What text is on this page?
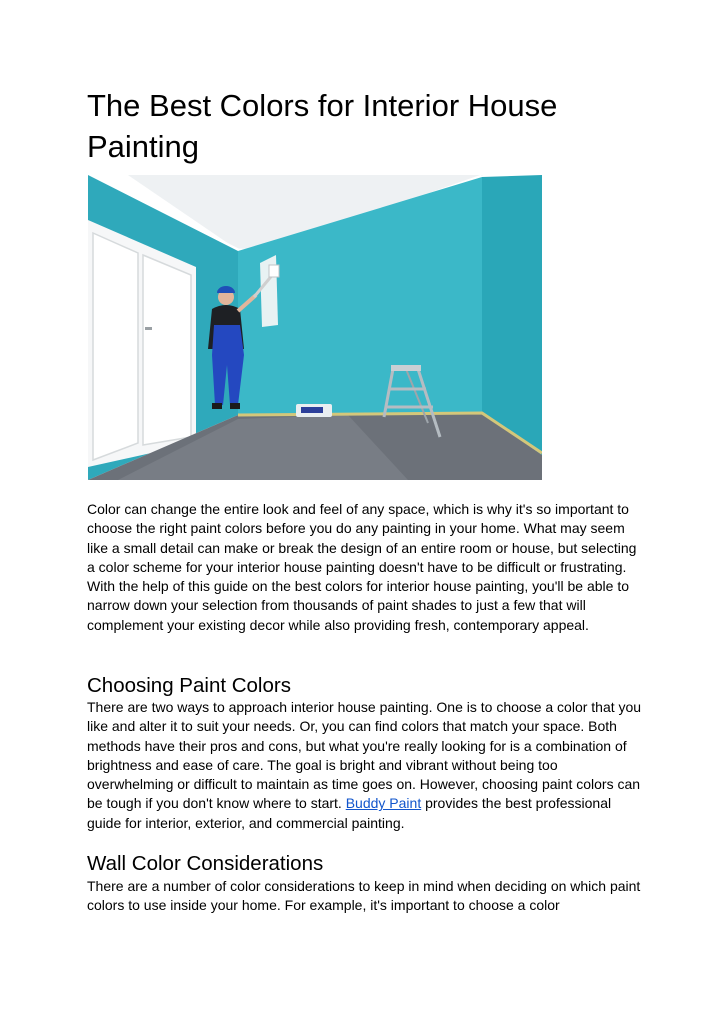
The Best Colors for Interior House Painting

Color can change the entire look and feel of any space, which is why it's so important to choose the right paint colors before you do any painting in your home. What may seem like a small detail can make or break the design of an entire room or house, but selecting a color scheme for your interior house painting doesn't have to be difficult or frustrating. With the help of this guide on the best colors for interior house painting, you'll be able to narrow down your selection from thousands of paint shades to just a few that will complement your existing decor while also providing fresh, contemporary appeal.

Choosing Paint Colors

There are two ways to approach interior house painting. One is to choose a color that you like and alter it to suit your needs. Or, you can find colors that match your space. Both methods have their pros and cons, but what you're really looking for is a combination of brightness and ease of care. The goal is bright and vibrant without being too overwhelming or difficult to maintain as time goes on. However, choosing paint colors can be tough if you don't know where to start. Buddy Paint provides the best professional guide for interior, exterior, and commercial painting.

Wall Color Considerations

There are a number of color considerations to keep in mind when deciding on which paint colors to use inside your home. For example, it's important to choose a color
